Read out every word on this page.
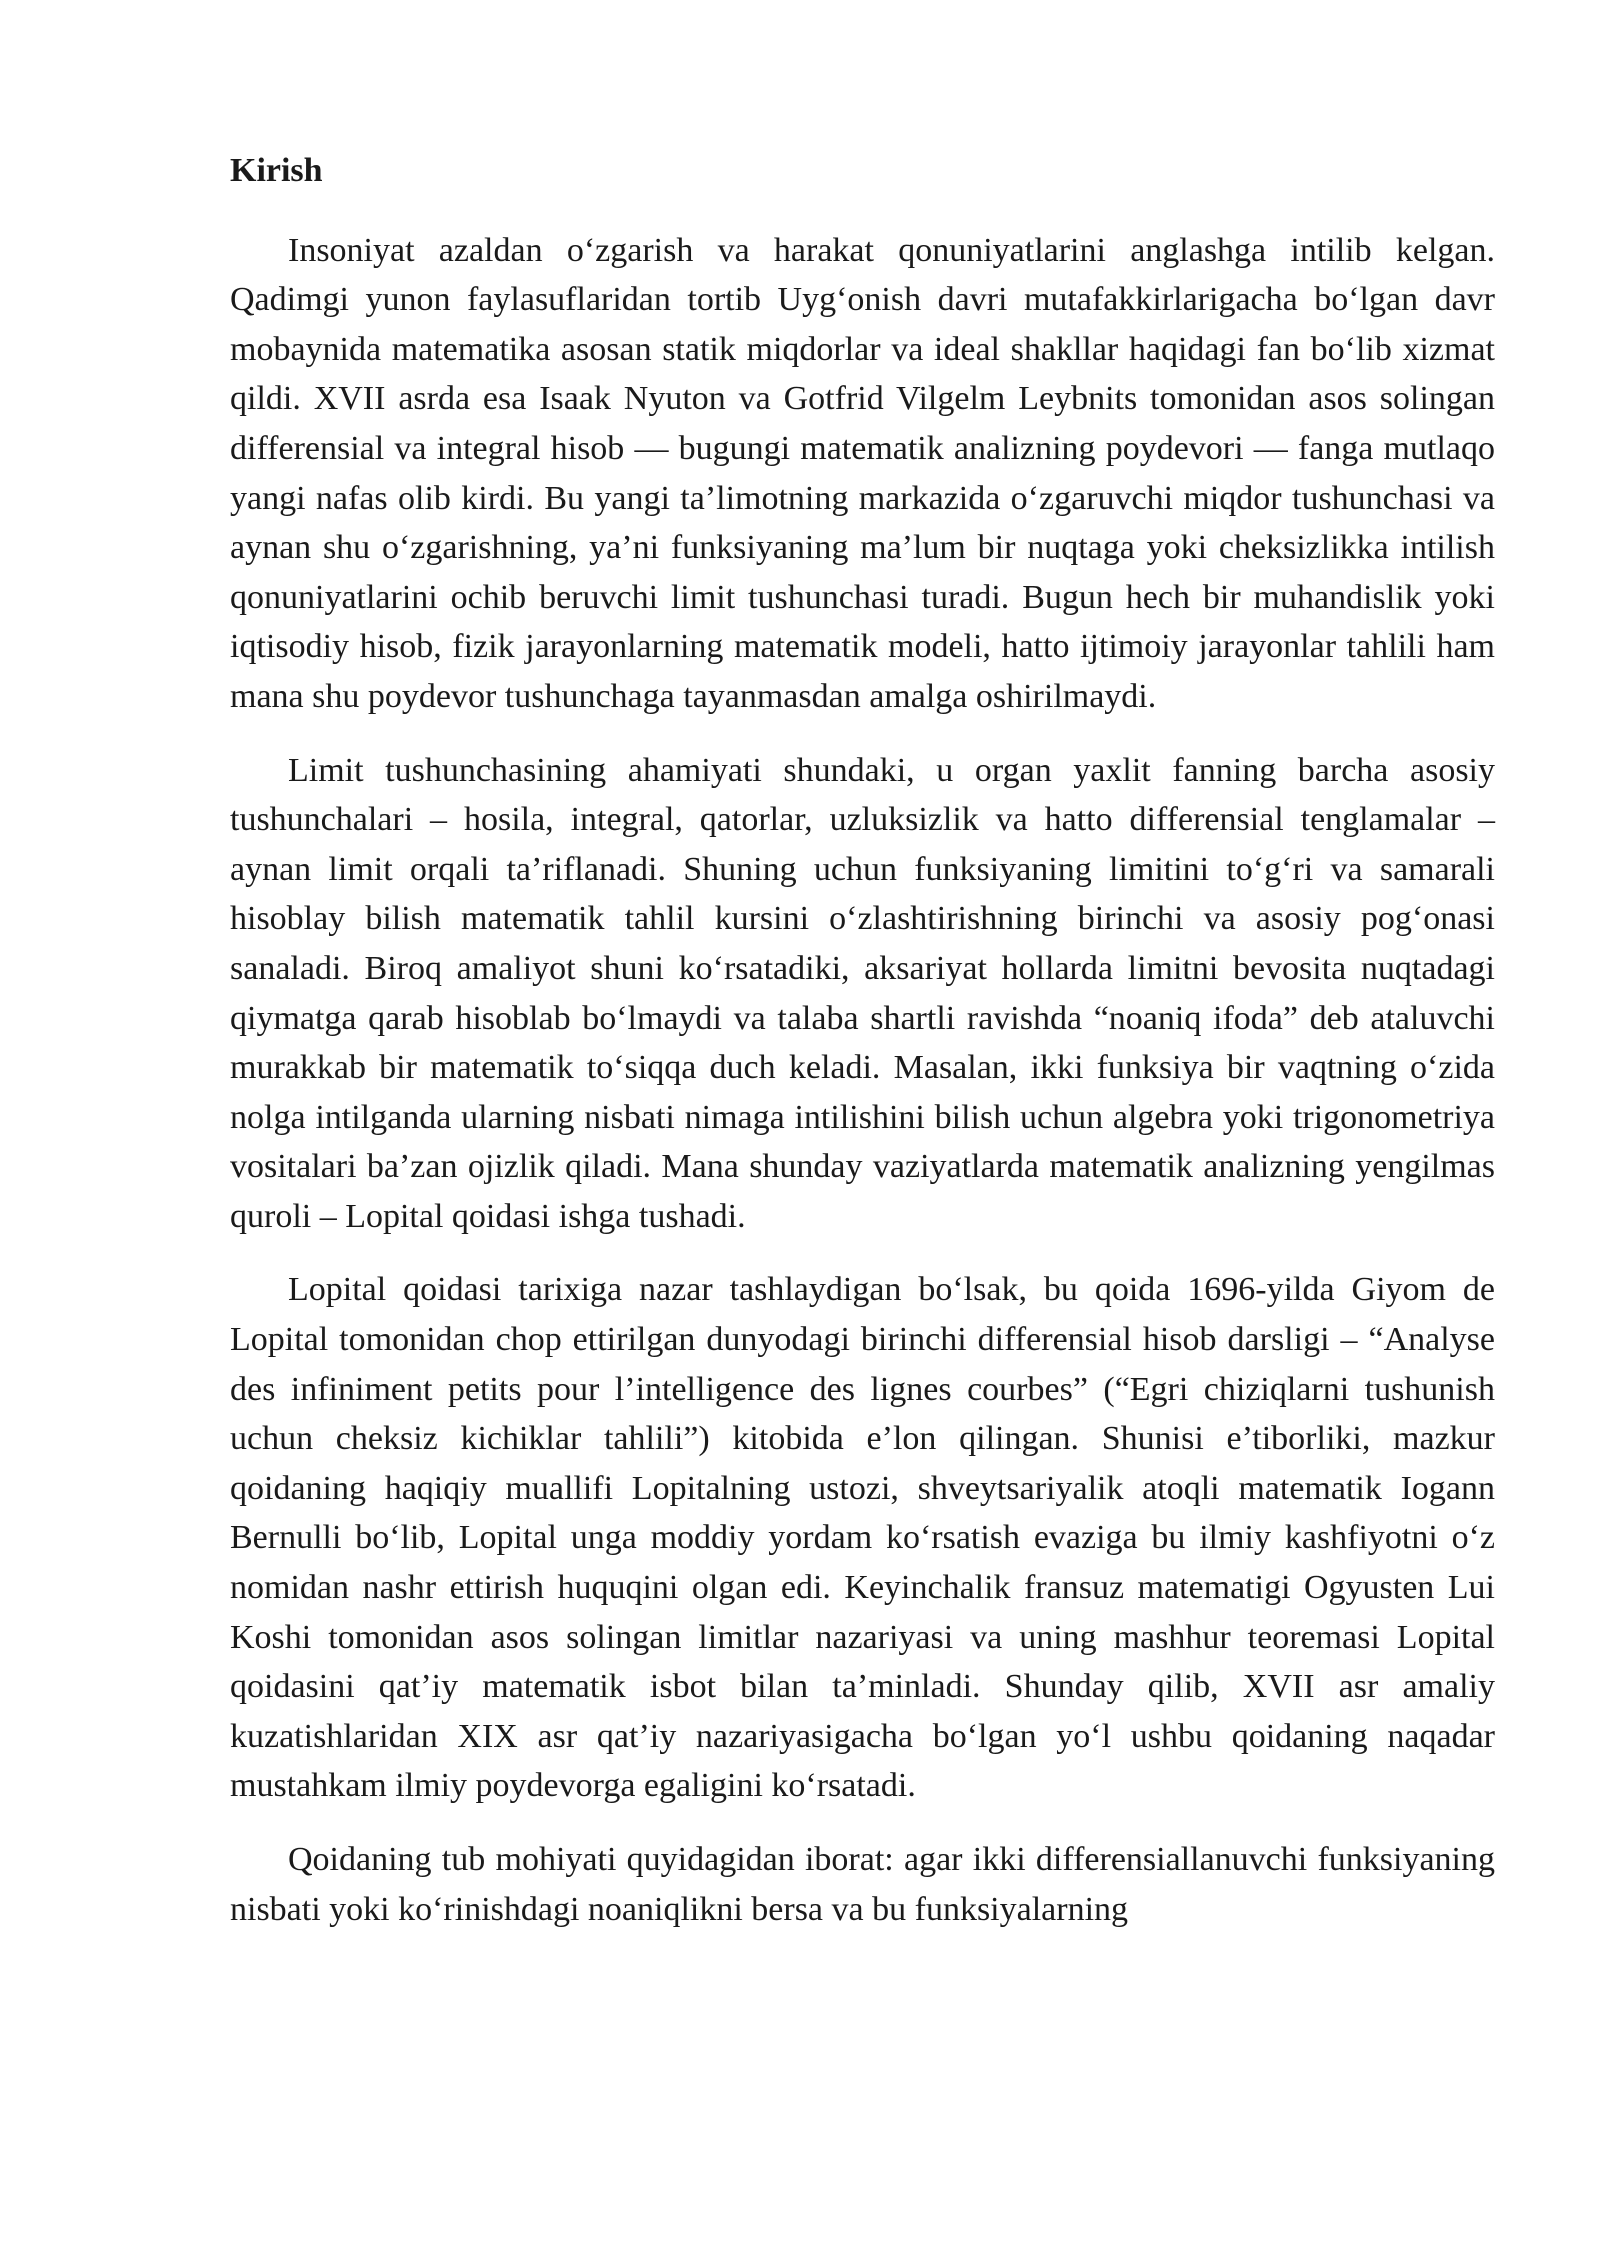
Kirish

Insoniyat azaldan o‘zgarish va harakat qonuniyatlarini anglashga intilib kelgan. Qadimgi yunon faylasuflaridan tortib Uyg‘onish davri mutafakkirlarigacha bo‘lgan davr mobaynida matematika asosan statik miqdorlar va ideal shakllar haqidagi fan bo‘lib xizmat qildi. XVII asrda esa Isaak Nyuton va Gotfrid Vilgelm Leybnits tomonidan asos solingan differensial va integral hisob — bugungi matematik analizning poydevori — fanga mutlaqo yangi nafas olib kirdi. Bu yangi ta’limotning markazida o‘zgaruvchi miqdor tushunchasi va aynan shu o‘zgarishning, ya’ni funksiyaning ma’lum bir nuqtaga yoki cheksizlikka intilish qonuniyatlarini ochib beruvchi limit tushunchasi turadi. Bugun hech bir muhandislik yoki iqtisodiy hisob, fizik jarayonlarning matematik modeli, hatto ijtimoiy jarayonlar tahlili ham mana shu poydevor tushunchaga tayanmasdan amalga oshirilmaydi.

Limit tushunchasining ahamiyati shundaki, u organ yaxlit fanning barcha asosiy tushunchalari – hosila, integral, qatorlar, uzluksizlik va hatto differensial tenglamalar – aynan limit orqali ta’riflanadi. Shuning uchun funksiyaning limitini to‘g‘ri va samarali hisoblay bilish matematik tahlil kursini o‘zlashtirishning birinchi va asosiy pog‘onasi sanaladi. Biroq amaliyot shuni ko‘rsatadiki, aksariyat hollarda limitni bevosita nuqtadagi qiymatga qarab hisoblab bo‘lmaydi va talaba shartli ravishda “noaniq ifoda” deb ataluvchi murakkab bir matematik to‘siqqa duch keladi. Masalan, ikki funksiya bir vaqtning o‘zida nolga intilganda ularning nisbati nimaga intilishini bilish uchun algebra yoki trigonometriya vositalari ba’zan ojizlik qiladi. Mana shunday vaziyatlarda matematik analizning yengilmas quroli – Lopital qoidasi ishga tushadi.

Lopital qoidasi tarixiga nazar tashlaydigan bo‘lsak, bu qoida 1696-yilda Giyom de Lopital tomonidan chop ettirilgan dunyodagi birinchi differensial hisob darsligi – “Analyse des infiniment petits pour l’intelligence des lignes courbes” (“Egri chiziqlarni tushunish uchun cheksiz kichiklar tahlili”) kitobida e’lon qilingan. Shunisi e’tiborliki, mazkur qoidaning haqiqiy muallifi Lopitalning ustozi, shveytsariyalik atoqli matematik Iogann Bernulli bo‘lib, Lopital unga moddiy yordam ko‘rsatish evaziga bu ilmiy kashfiyotni o‘z nomidan nashr ettirish huquqini olgan edi. Keyinchalik fransuz matematigi Ogyusten Lui Koshi tomonidan asos solingan limitlar nazariyasi va uning mashhur teoremasi Lopital qoidasini qat’iy matematik isbot bilan ta’minladi. Shunday qilib, XVII asr amaliy kuzatishlaridan XIX asr qat’iy nazariyasigacha bo‘lgan yo‘l ushbu qoidaning naqadar mustahkam ilmiy poydevorga egaligini ko‘rsatadi.

Qoidaning tub mohiyati quyidagidan iborat: agar ikki differensiallanuvchi funksiyaning nisbati yoki ko‘rinishdagi noaniqlikni bersa va bu funksiyalarning
